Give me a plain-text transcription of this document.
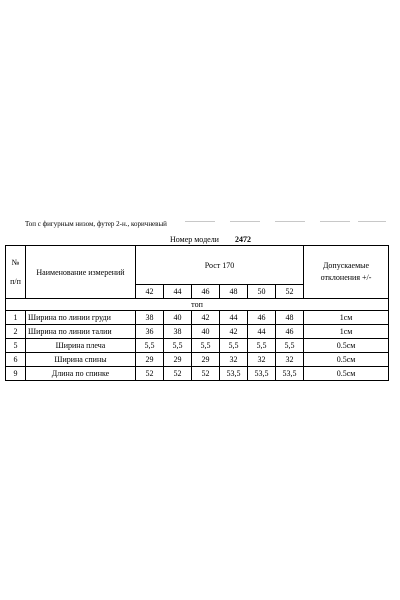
Топ с фигурным низом, футер 2-н., коричневый
Номер модели 2472
№
п/п	Наименование измерений	Рост 170						Допускаемые отклонения +/-
		42	44	46	48	50	52	
топ								
1	Ширина по линии груди	38	40	42	44	46	48	1см
2	Ширина по линии талии	36	38	40	42	44	46	1см
5	Ширина плеча	5,5	5,5	5,5	5,5	5,5	5,5	0.5см
6	Ширина спины	29	29	29	32	32	32	0.5см
9	Длина по спинке	52	52	52	53,5	53,5	53,5	0.5см
